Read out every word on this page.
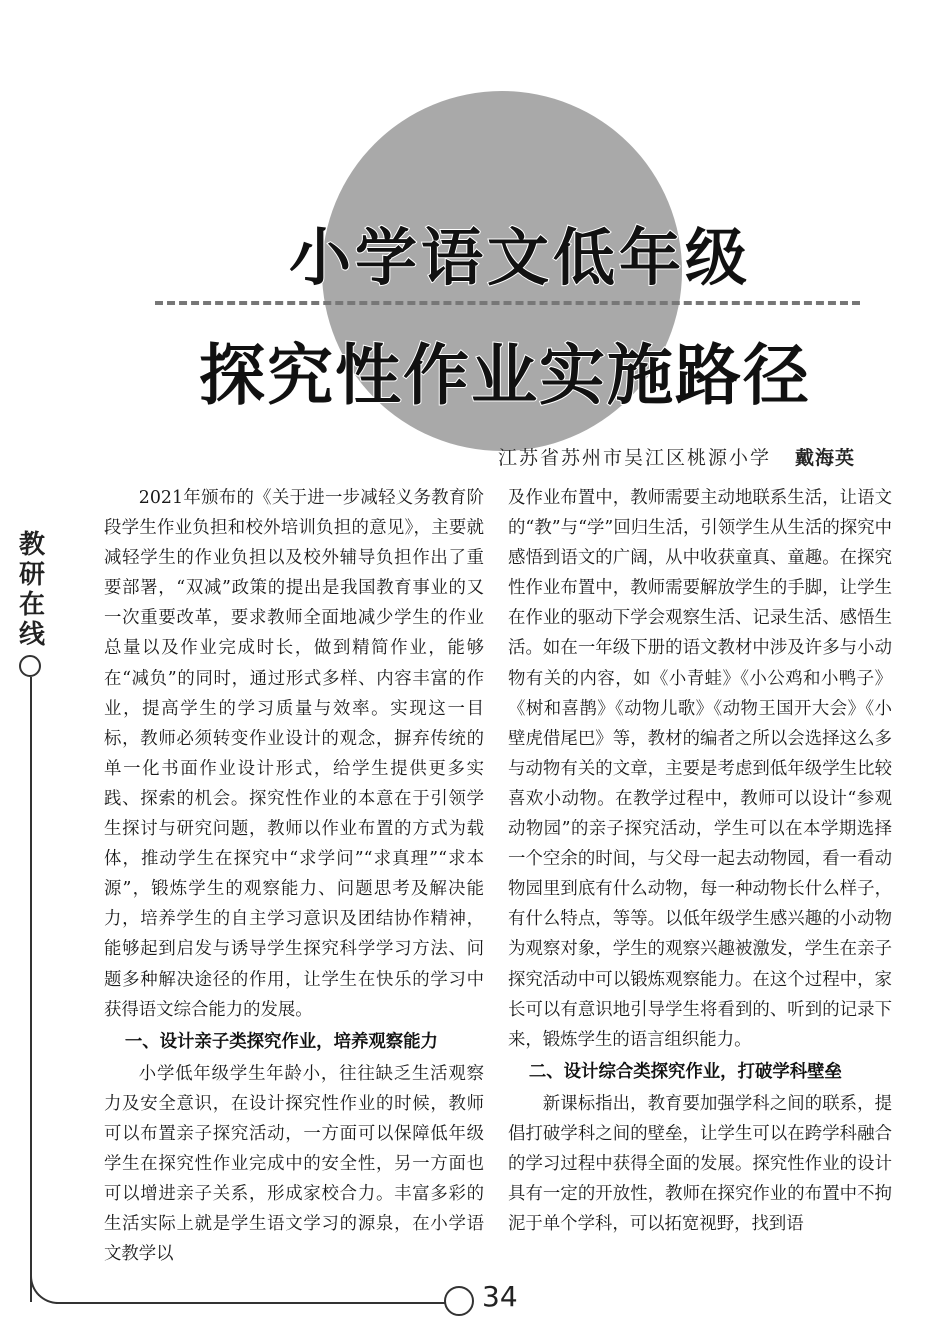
小学语文低年级
探究性作业实施路径
江苏省苏州市吴江区桃源小学 戴海英
教
研
在
线
34

2021年颁布的《关于进一步减轻义务教育阶段学生作业负担和校外培训负担的意见》，主要就减轻学生的作业负担以及校外辅导负担作出了重要部署，“双减”政策的提出是我国教育事业的又一次重要改革，要求教师全面地减少学生的作业总量以及作业完成时长，做到精简作业，能够在“减负”的同时，通过形式多样、内容丰富的作业，提高学生的学习质量与效率。实现这一目标，教师必须转变作业设计的观念，摒弃传统的单一化书面作业设计形式，给学生提供更多实践、探索的机会。探究性作业的本意在于引领学生探讨与研究问题，教师以作业布置的方式为载体，推动学生在探究中“求学问”“求真理”“求本源”，锻炼学生的观察能力、问题思考及解决能力，培养学生的自主学习意识及团结协作精神，能够起到启发与诱导学生探究科学学习方法、问题多种解决途径的作用，让学生在快乐的学习中获得语文综合能力的发展。

一、设计亲子类探究作业，培养观察能力

小学低年级学生年龄小，往往缺乏生活观察力及安全意识，在设计探究性作业的时候，教师可以布置亲子探究活动，一方面可以保障低年级学生在探究性作业完成中的安全性，另一方面也可以增进亲子关系，形成家校合力。丰富多彩的生活实际上就是学生语文学习的源泉，在小学语文教学以

及作业布置中，教师需要主动地联系生活，让语文的“教”与“学”回归生活，引领学生从生活的探究中感悟到语文的广阔，从中收获童真、童趣。在探究性作业布置中，教师需要解放学生的手脚，让学生在作业的驱动下学会观察生活、记录生活、感悟生活。如在一年级下册的语文教材中涉及许多与小动物有关的内容，如《小青蛙》《小公鸡和小鸭子》《树和喜鹊》《动物儿歌》《动物王国开大会》《小壁虎借尾巴》等，教材的编者之所以会选择这么多与动物有关的文章，主要是考虑到低年级学生比较喜欢小动物。在教学过程中，教师可以设计“参观动物园”的亲子探究活动，学生可以在本学期选择一个空余的时间，与父母一起去动物园，看一看动物园里到底有什么动物，每一种动物长什么样子，有什么特点，等等。以低年级学生感兴趣的小动物为观察对象，学生的观察兴趣被激发，学生在亲子探究活动中可以锻炼观察能力。在这个过程中，家长可以有意识地引导学生将看到的、听到的记录下来，锻炼学生的语言组织能力。

二、设计综合类探究作业，打破学科壁垒

新课标指出，教育要加强学科之间的联系，提倡打破学科之间的壁垒，让学生可以在跨学科融合的学习过程中获得全面的发展。探究性作业的设计具有一定的开放性，教师在探究作业的布置中不拘泥于单个学科，可以拓宽视野，找到语
